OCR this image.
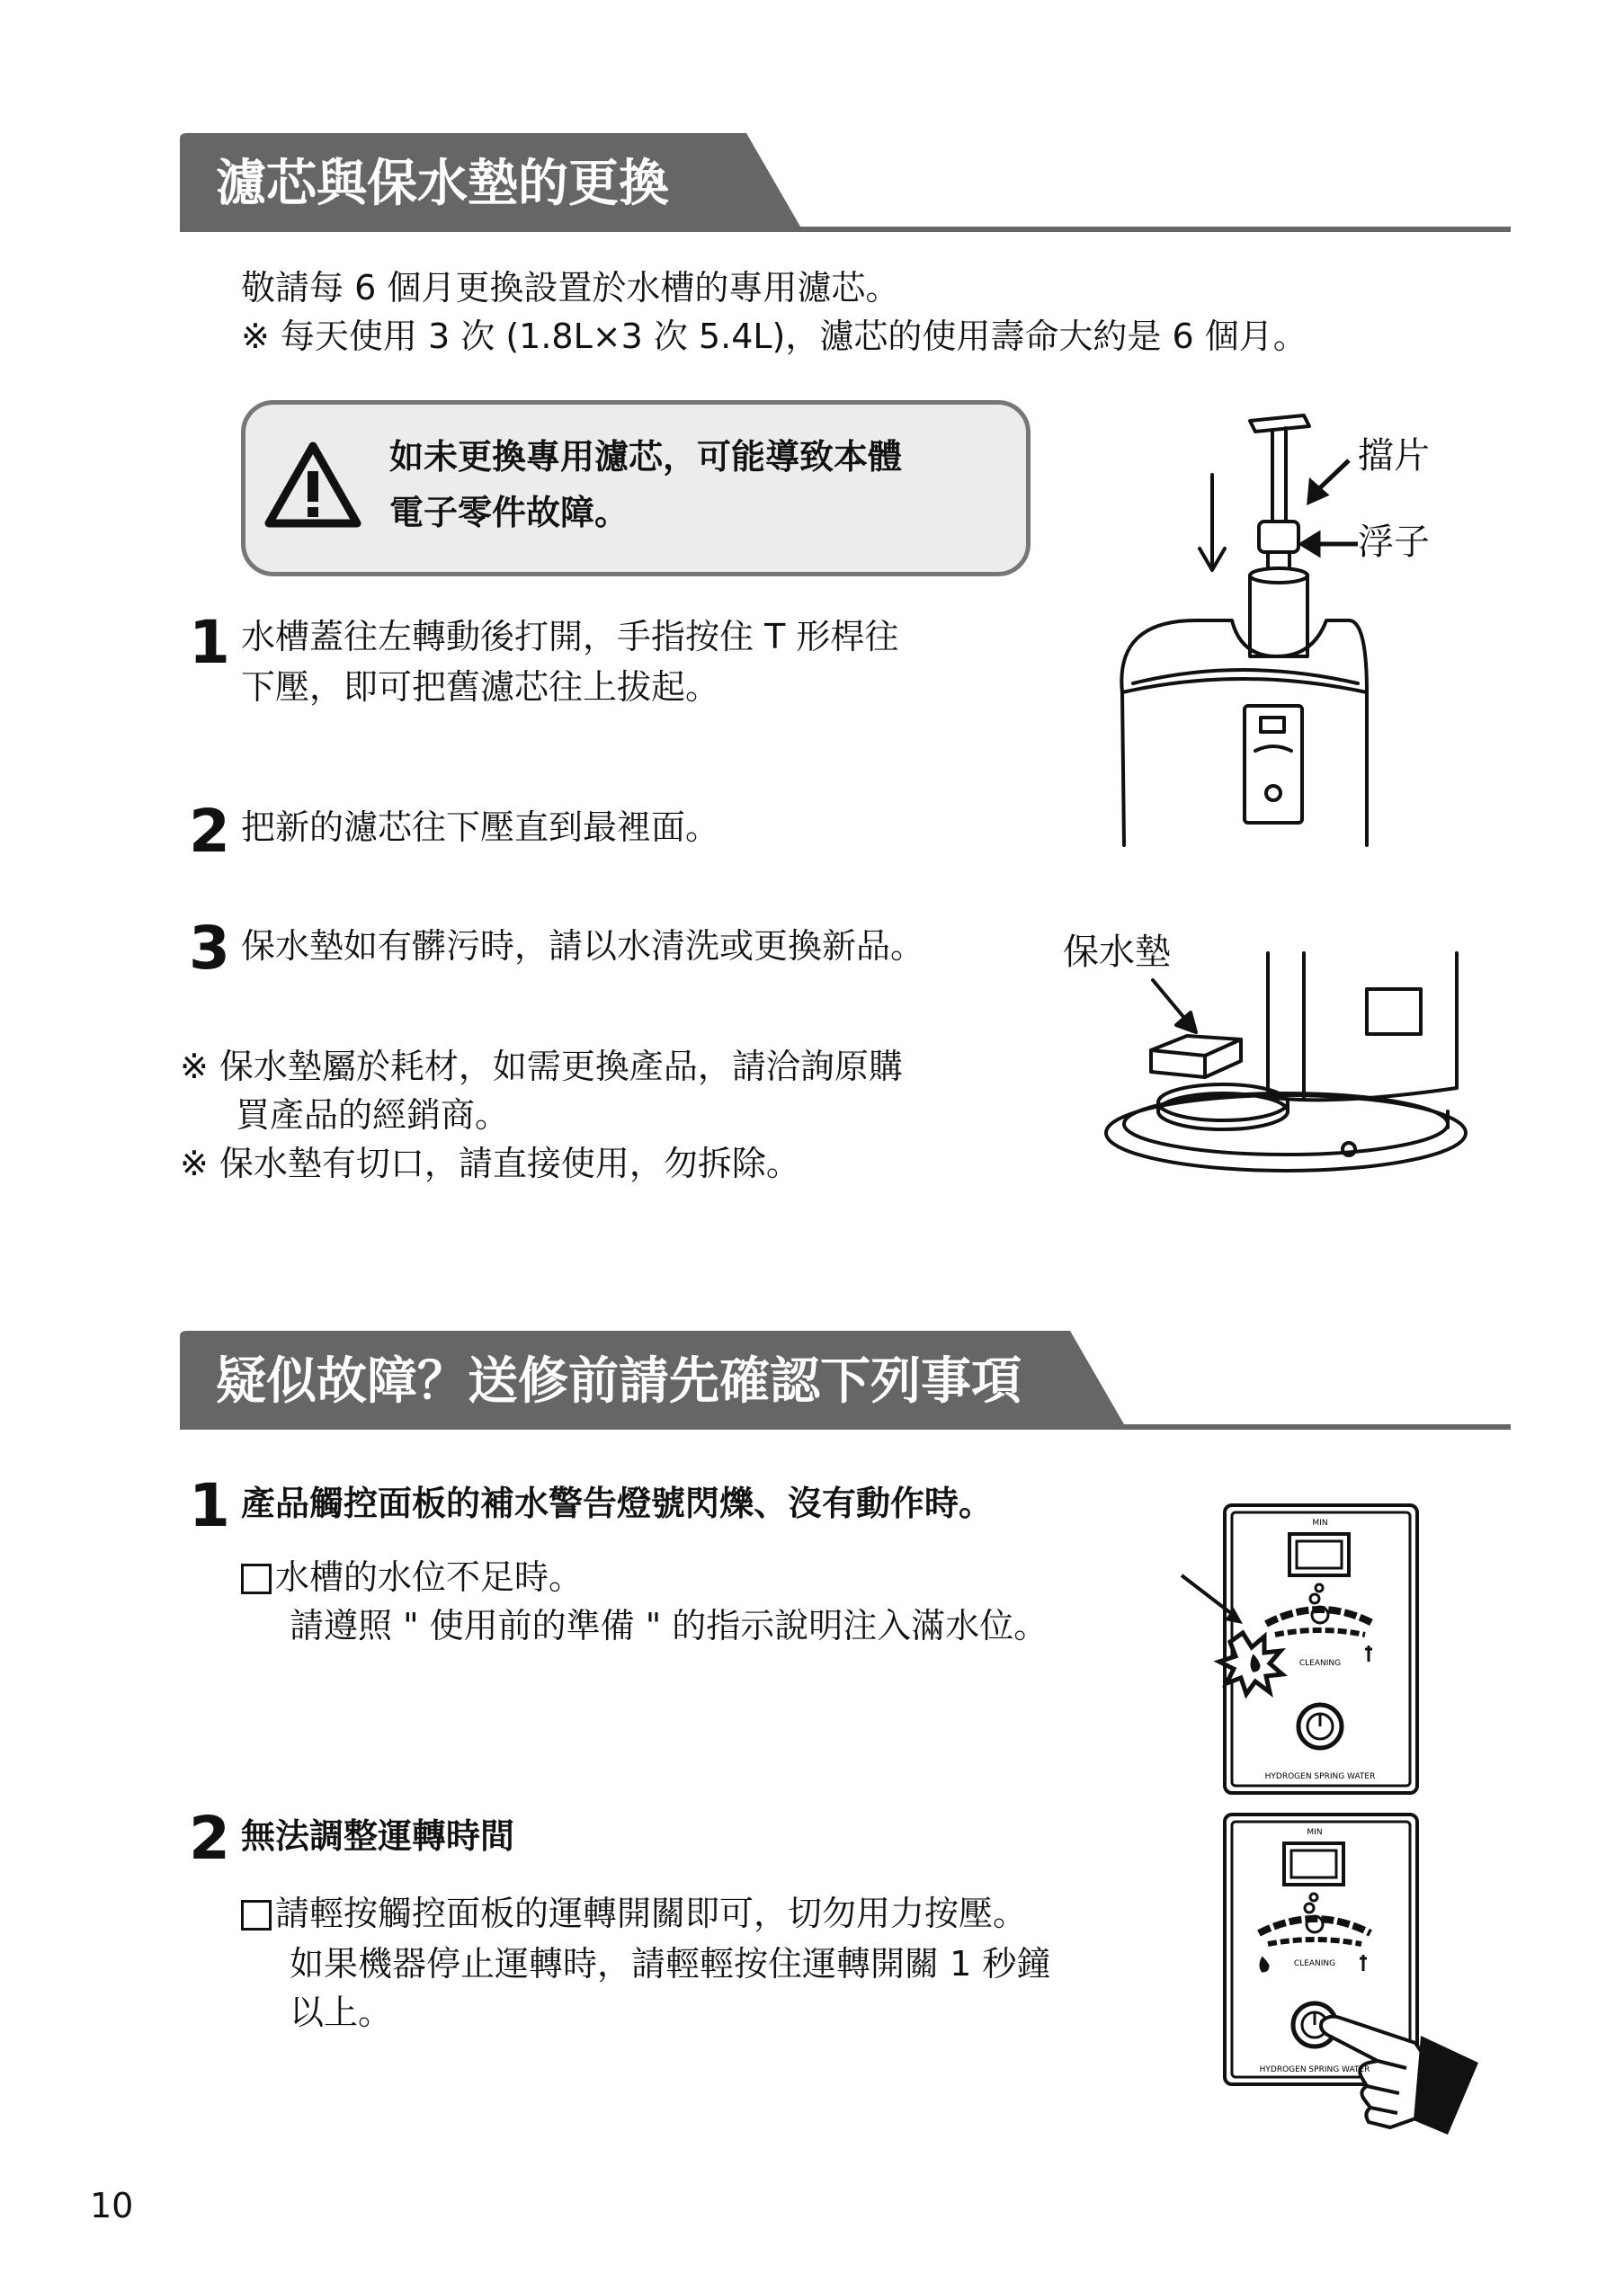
濾芯與保水墊的更換
敬請每 6 個月更換設置於水槽的專用濾芯。
※ 每天使用 3 次 (1.8L×3 次 5.4L)，濾芯的使用壽命大約是 6 個月。
如未更換專用濾芯，可能導致本體
電子零件故障。
1 水槽蓋往左轉動後打開，手指按住 T 形桿往
下壓，即可把舊濾芯往上拔起。
2 把新的濾芯往下壓直到最裡面。
3 保水墊如有髒污時，請以水清洗或更換新品。
※ 保水墊屬於耗材，如需更換產品，請洽詢原購
買產品的經銷商。
※ 保水墊有切口，請直接使用，勿拆除。
擋片
浮子
保水墊
疑似故障？送修前請先確認下列事項
1 產品觸控面板的補水警告燈號閃爍、沒有動作時。
水槽的水位不足時。
請遵照 " 使用前的準備 " 的指示說明注入滿水位。
2 無法調整運轉時間
請輕按觸控面板的運轉開關即可，切勿用力按壓。
如果機器停止運轉時，請輕輕按住運轉開關 1 秒鐘
以上。
MIN
CLEANING
HYDROGEN SPRING WATER
MIN
CLEANING
HYDROGEN SPRING WATER
10
